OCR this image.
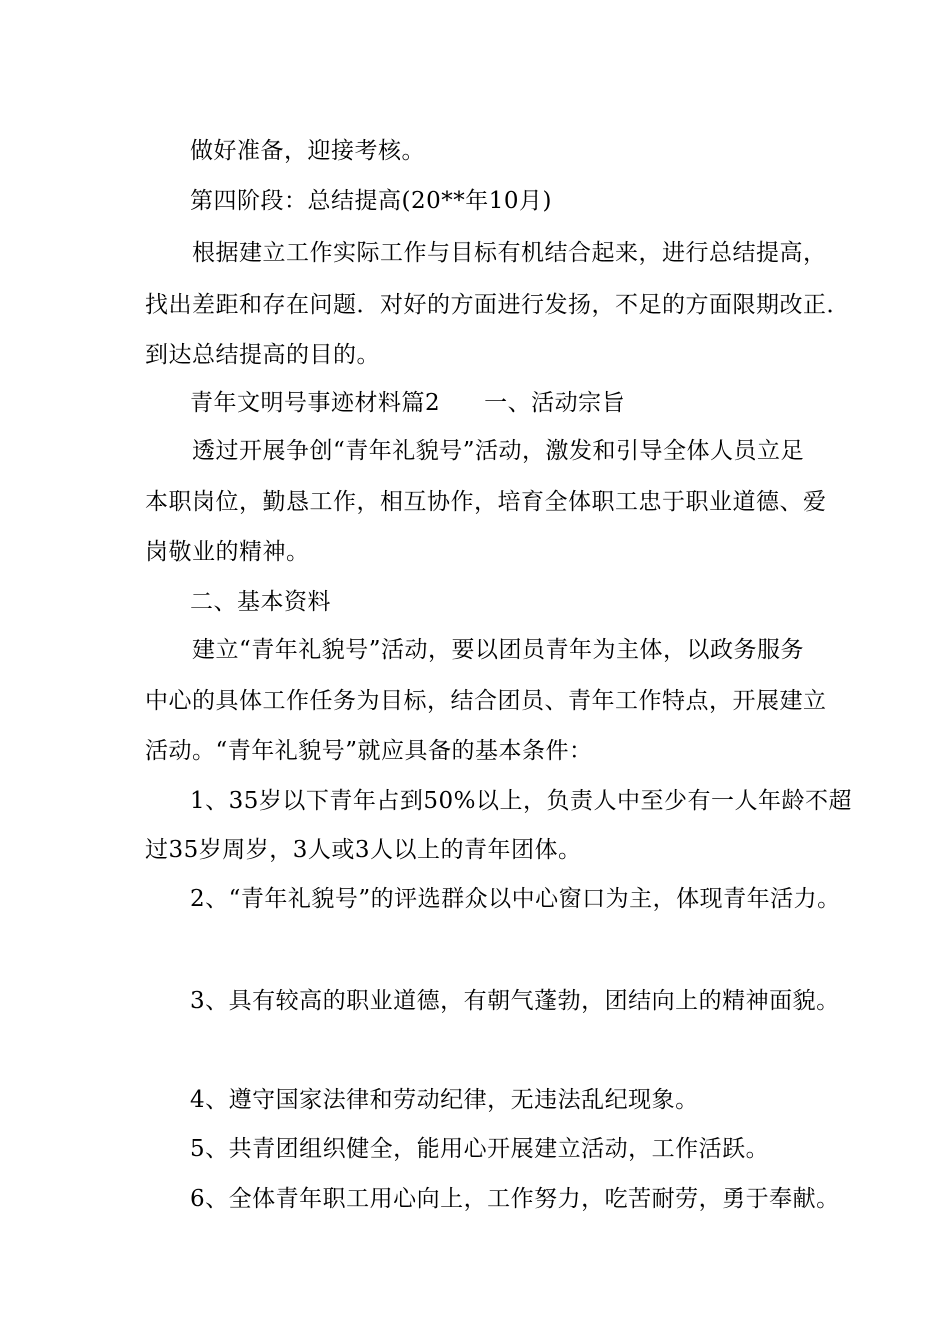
做好准备，迎接考核。
第四阶段：总结提高(20**年10月)
根据建立工作实际工作与目标有机结合起来，进行总结提高，
找出差距和存在问题．对好的方面进行发扬，不足的方面限期改正．
到达总结提高的目的。
青年文明号事迹材料篇2 一、活动宗旨
透过开展争创“青年礼貌号”活动，激发和引导全体人员立足
本职岗位，勤恳工作，相互协作，培育全体职工忠于职业道德、爱
岗敬业的精神。
二、基本资料
建立“青年礼貌号”活动，要以团员青年为主体，以政务服务
中心的具体工作任务为目标，结合团员、青年工作特点，开展建立
活动。“青年礼貌号”就应具备的基本条件：
1、35岁以下青年占到50%以上，负责人中至少有一人年龄不超
过35岁周岁，3人或3人以上的青年团体。
2、“青年礼貌号”的评选群众以中心窗口为主，体现青年活力。
3、具有较高的职业道德，有朝气蓬勃，团结向上的精神面貌。
4、遵守国家法律和劳动纪律，无违法乱纪现象。
5、共青团组织健全，能用心开展建立活动，工作活跃。
6、全体青年职工用心向上，工作努力，吃苦耐劳，勇于奉献。
